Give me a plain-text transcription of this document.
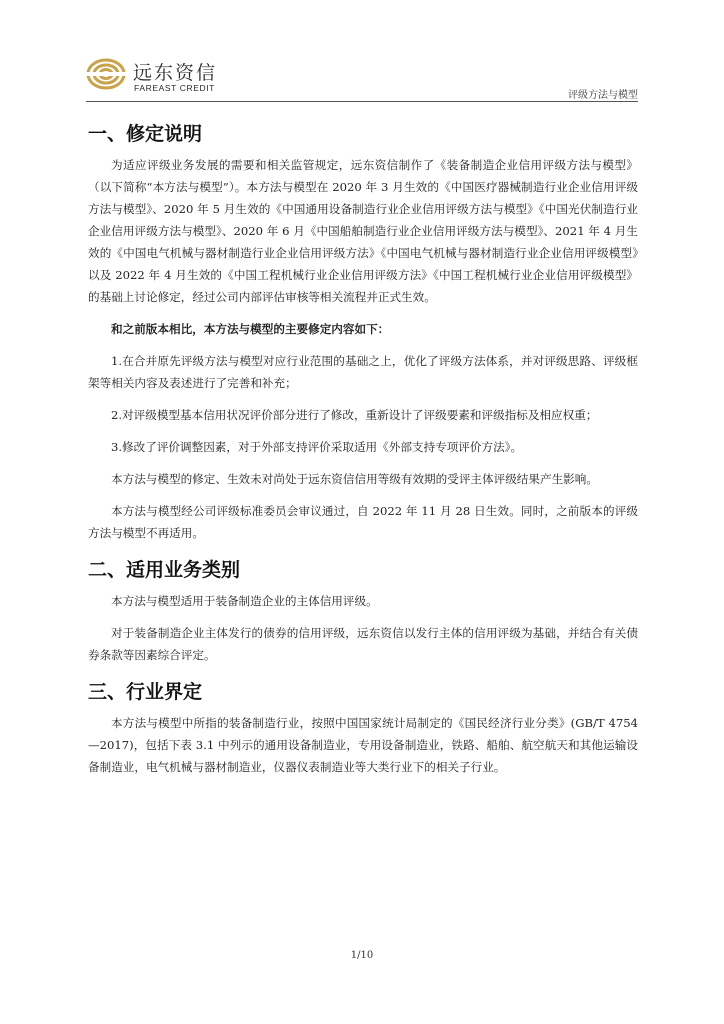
远东资信
FAREAST CREDIT
评级方法与模型
一、修定说明

为适应评级业务发展的需要和相关监管规定，远东资信制作了《装备制造企业信用评级方法与模型》（以下简称“本方法与模型”）。本方法与模型在 2020 年 3 月生效的《中国医疗器械制造行业企业信用评级方法与模型》、2020 年 5 月生效的《中国通用设备制造行业企业信用评级方法与模型》《中国光伏制造行业企业信用评级方法与模型》、2020 年 6 月《中国船舶制造行业企业信用评级方法与模型》、2021 年 4 月生效的《中国电气机械与器材制造行业企业信用评级方法》《中国电气机械与器材制造行业企业信用评级模型》以及 2022 年 4 月生效的《中国工程机械行业企业信用评级方法》《中国工程机械行业企业信用评级模型》的基础上讨论修定，经过公司内部评估审核等相关流程并正式生效。

和之前版本相比，本方法与模型的主要修定内容如下：

1.在合并原先评级方法与模型对应行业范围的基础之上，优化了评级方法体系，并对评级思路、评级框架等相关内容及表述进行了完善和补充；

2.对评级模型基本信用状况评价部分进行了修改，重新设计了评级要素和评级指标及相应权重；

3.修改了评价调整因素，对于外部支持评价采取适用《外部支持专项评价方法》。

本方法与模型的修定、生效未对尚处于远东资信信用等级有效期的受评主体评级结果产生影响。

本方法与模型经公司评级标准委员会审议通过，自 2022 年 11 月 28 日生效。同时，之前版本的评级方法与模型不再适用。

二、适用业务类别

本方法与模型适用于装备制造企业的主体信用评级。

对于装备制造企业主体发行的债券的信用评级，远东资信以发行主体的信用评级为基础，并结合有关债券条款等因素综合评定。

三、行业界定

本方法与模型中所指的装备制造行业，按照中国国家统计局制定的《国民经济行业分类》(GB/T 4754—2017)，包括下表 3.1 中列示的通用设备制造业，专用设备制造业，铁路、船舶、航空航天和其他运输设备制造业，电气机械与器材制造业，仪器仪表制造业等大类行业下的相关子行业。

1/10
